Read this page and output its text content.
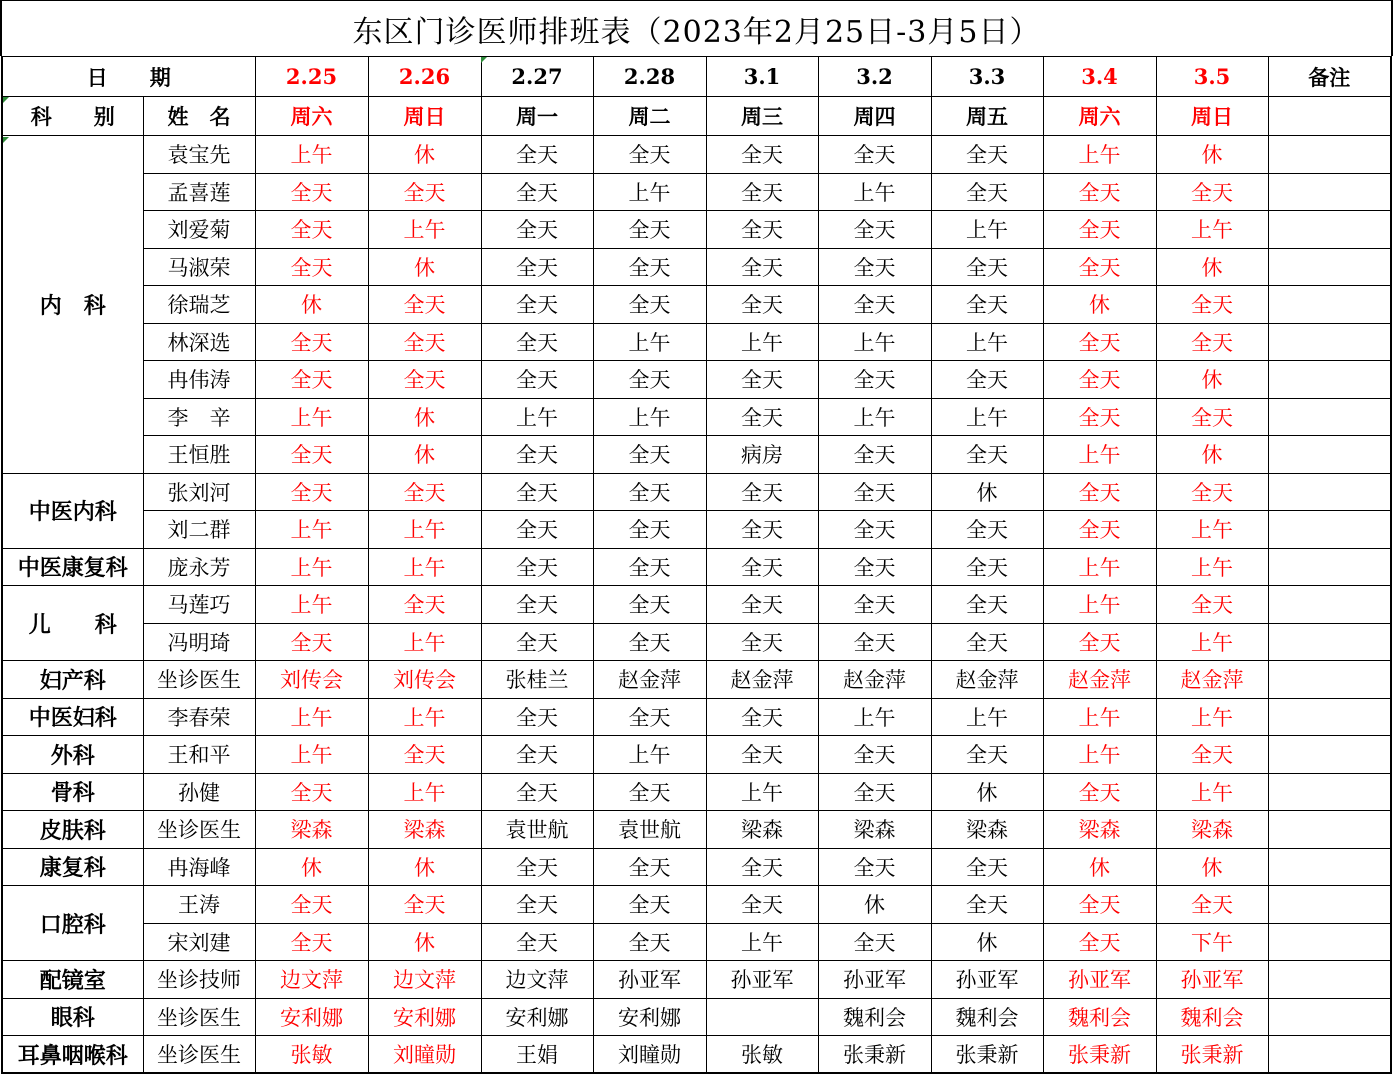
东区门诊医师排班表（2023年2月25日-3月5日）
日　　期		2.25	2.26	2.27	2.28	3.1	3.2	3.3	3.4	3.5	备注
科　　别	姓　名	周六	周日	周一	周二	周三	周四	周五	周六	周日	
内　科	袁宝先	上午	休	全天	全天	全天	全天	全天	上午	休	
	孟喜莲	全天	全天	全天	上午	全天	上午	全天	全天	全天	
	刘爱菊	全天	上午	全天	全天	全天	全天	上午	全天	上午	
	马淑荣	全天	休	全天	全天	全天	全天	全天	全天	休	
	徐瑞芝	休	全天	全天	全天	全天	全天	全天	休	全天	
	林深选	全天	全天	全天	上午	上午	上午	上午	全天	全天	
	冉伟涛	全天	全天	全天	全天	全天	全天	全天	全天	休	
	李　辛	上午	休	上午	上午	全天	上午	上午	全天	全天	
	王恒胜	全天	休	全天	全天	病房	全天	全天	上午	休	
中医内科	张刘河	全天	全天	全天	全天	全天	全天	休	全天	全天	
	刘二群	上午	上午	全天	全天	全天	全天	全天	全天	上午	
中医康复科	庞永芳	上午	上午	全天	全天	全天	全天	全天	上午	上午	
儿　　科	马莲巧	上午	全天	全天	全天	全天	全天	全天	上午	全天	
	冯明琦	全天	上午	全天	全天	全天	全天	全天	全天	上午	
妇产科	坐诊医生	刘传会	刘传会	张桂兰	赵金萍	赵金萍	赵金萍	赵金萍	赵金萍	赵金萍	
中医妇科	李春荣	上午	上午	全天	全天	全天	上午	上午	上午	上午	
外科	王和平	上午	全天	全天	上午	全天	全天	全天	上午	全天	
骨科	孙健	全天	上午	全天	全天	上午	全天	休	全天	上午	
皮肤科	坐诊医生	梁森	梁森	袁世航	袁世航	梁森	梁森	梁森	梁森	梁森	
康复科	冉海峰	休	休	全天	全天	全天	全天	全天	休	休	
口腔科	王涛	全天	全天	全天	全天	全天	休	全天	全天	全天	
	宋刘建	全天	休	全天	全天	上午	全天	休	全天	下午	
配镜室	坐诊技师	边文萍	边文萍	边文萍	孙亚军	孙亚军	孙亚军	孙亚军	孙亚军	孙亚军	
眼科	坐诊医生	安利娜	安利娜	安利娜	安利娜		魏利会	魏利会	魏利会	魏利会	
耳鼻咽喉科	坐诊医生	张敏	刘瞳勋	王娟	刘瞳勋	张敏	张秉新	张秉新	张秉新	张秉新	
